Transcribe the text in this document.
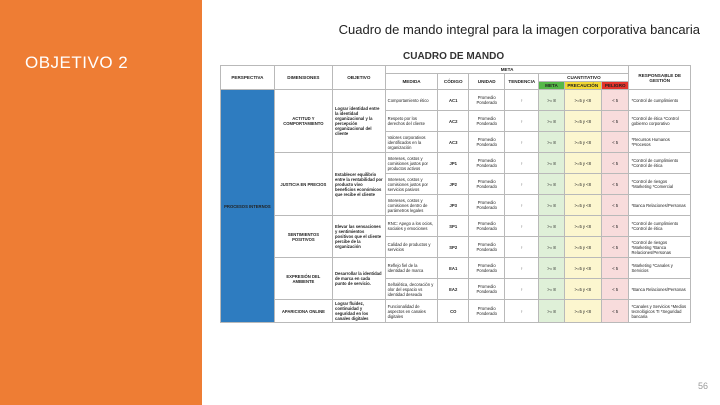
OBJETIVO 2
Cuadro de mando integral para la imagen corporativa bancaria
CUADRO DE MANDO
PERSPECTIVA	DIMENSIONES	OBJETIVO	META							RESPONSABLE DE GESTIÓN
			MEDIDA	CÓDIGO	UNIDAD	TENDENCIA	CUANTITATIVO			
							META	PRECAUCIÓN	PELIGRO	
PROCESOS INTERNOS	ACTITUD Y COMPORTAMIENTO	Lograr identidad entre la identidad organizacional y la percepción organizacional del cliente	Comportamiento ético	AC1	Promedio Ponderado	↑	>= 8	>=5 y <8	< 5	*Control de cumplimiento
			Respeto por los derechos del cliente	AC2	Promedio Ponderado	↑	>= 8	>=5 y <8	< 5	*Control de ética *Control gobierno corporativo
			Valores corporativos identificados en la organización	AC3	Promedio Ponderado	↑	>= 8	>=5 y <8	< 5	*Recursos Humanos *Procesos
	JUSTICIA EN PRECIOS	Establecer equilibrio entre la rentabilidad por producto vivo beneficios económicos que recibe el cliente	Intereses, costos y comisiones justos por productos activos	JP1	Promedio Ponderado	↑	>= 8	>=5 y <8	< 5	*Control de cumplimiento *Control de ética
			Intereses, costos y comisiones justos por servicios pasivos	JP2	Promedio Ponderado	↑	>= 8	>=5 y <8	< 5	*Control de riesgos *Marketing *Comercial
			Intereses, costos y comisiones dentro de parámetros legales	JP3	Promedio Ponderado	↑	>= 8	>=5 y <8	< 5	*Banca Relaciones/Personas
	SENTIMIENTOS POSITIVOS	Elevar las sensaciones y sentimientos positivos que el cliente percibe de la organización	RNC: Apego a los ocios, sociales y emociones	SP1	Promedio Ponderado	↑	>= 8	>=5 y <8	< 5	*Control de cumplimiento *Control de ética
			Calidad de productos y servicios	SP2	Promedio Ponderado	↑	>= 8	>=5 y <8	< 5	*Control de riesgos *Marketing *Banca Relaciones/Personas
	EXPRESIÓN DEL AMBIENTE	Desarrollar la identidad de marca en cada punto de servicio.	Reflejo fiel de la identidad de marca	EA1	Promedio Ponderado	↑	>= 8	>=5 y <8	< 5	*Marketing *Canales y Servicios
			Señalética, decoración y olor del espacio vs identidad deseada	EA2	Promedio Ponderado	↑	>= 8	>=5 y <8	< 5	*Banca Relaciones/Personas
	APARICIONA ONLINE	Lograr fluidez, continuidad y seguridad en los canales digitales	Funcionalidad de aspectos en canales digitales	CO	Promedio Ponderado	↑	>= 8	>=5 y <8	< 5	*Canales y Servicios *Medios tecnológicos TI *Seguridad bancaria
56
